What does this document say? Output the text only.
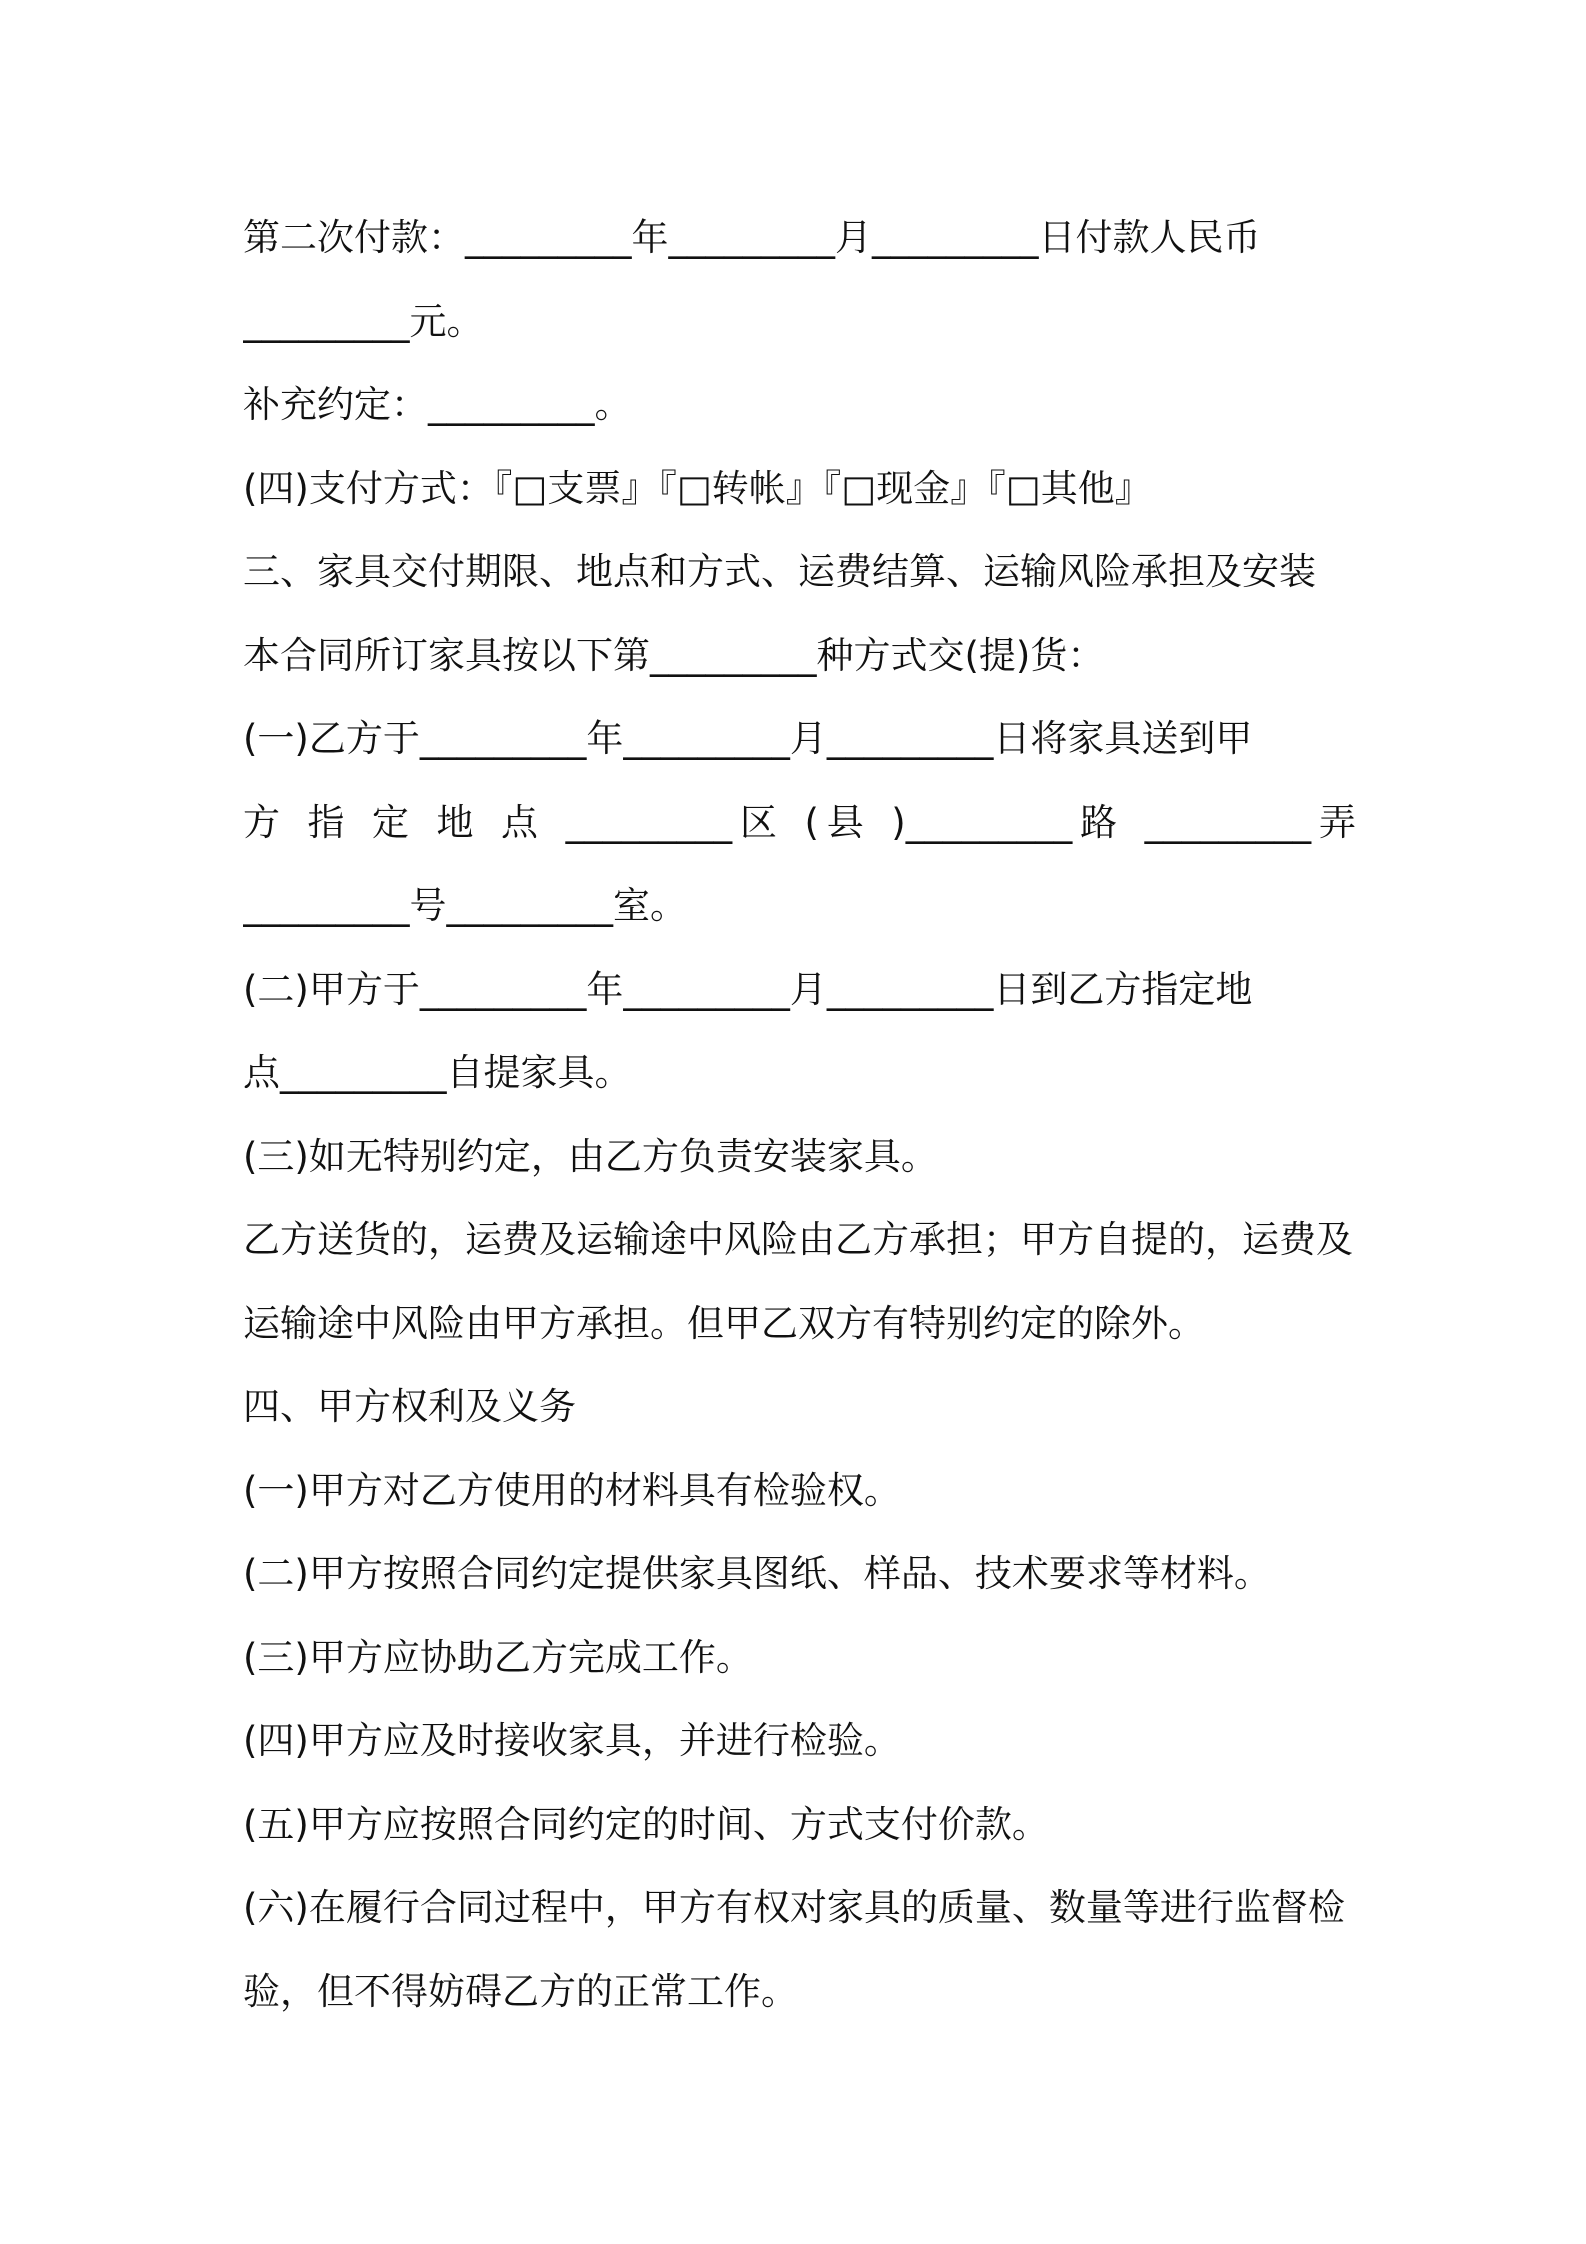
第二次付款：_________年_________月_________日付款人民币
_________元。
补充约定：_________。
(四)支付方式：『□支票』『□转帐』『□现金』『□其他』
三、家具交付期限、地点和方式、运费结算、运输风险承担及安装
本合同所订家具按以下第_________种方式交(提)货：
(一)乙方于_________年_________月_________日将家具送到甲
方 指 定 地 点 _________区 (县 )_________路 _________弄
_________号_________室。
(二)甲方于_________年_________月_________日到乙方指定地
点_________自提家具。
(三)如无特别约定，由乙方负责安装家具。
乙方送货的，运费及运输途中风险由乙方承担；甲方自提的，运费及
运输途中风险由甲方承担。但甲乙双方有特别约定的除外。
四、甲方权利及义务
(一)甲方对乙方使用的材料具有检验权。
(二)甲方按照合同约定提供家具图纸、样品、技术要求等材料。
(三)甲方应协助乙方完成工作。
(四)甲方应及时接收家具，并进行检验。
(五)甲方应按照合同约定的时间、方式支付价款。
(六)在履行合同过程中，甲方有权对家具的质量、数量等进行监督检
验，但不得妨碍乙方的正常工作。
